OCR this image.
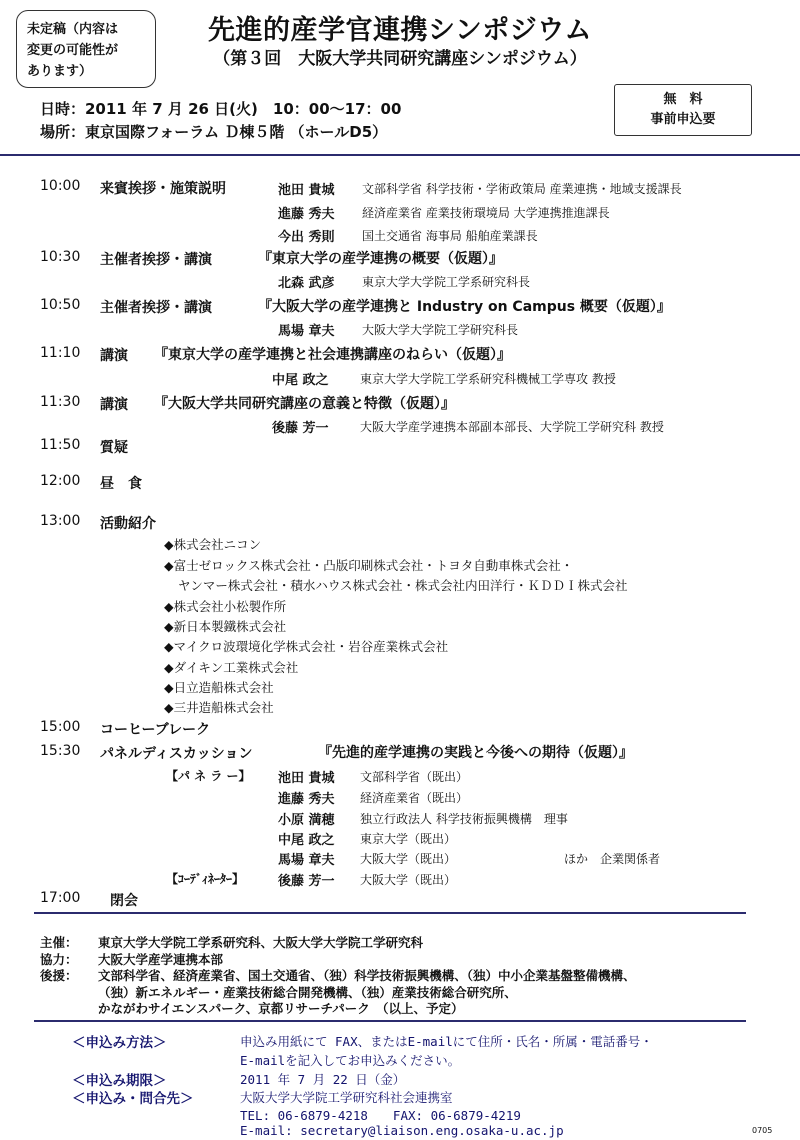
未定稿（内容は
変更の可能性が
あります）
先進的産学官連携シンポジウム
（第３回　大阪大学共同研究講座シンポジウム）
日時：2011 年 7 月 26 日(火)　10：00～17：00
場所：東京国際フォーラム Ｄ棟５階 （ホールD5）
無　料
事前申込要
10:00 来賓挨拶・施策説明	池田 貴城 文部科学省 科学技術・学術政策局 産業連携・地域支援課長
進藤 秀夫 経済産業省 産業技術環境局 大学連携推進課長
今出 秀則 国土交通省 海事局 船舶産業課長
10:30 主催者挨拶・講演	『東京大学の産学連携の概要（仮題）』
北森 武彦 東京大学大学院工学系研究科長
10:50 主催者挨拶・講演	『大阪大学の産学連携と Industry on Campus 概要（仮題）』
馬場 章夫 大阪大学大学院工学研究科長
11:10 講演 『東京大学の産学連携と社会連携講座のねらい（仮題）』
中尾 政之	東京大学大学院工学系研究科機械工学専攻 教授
11:30 講演 『大阪大学共同研究講座の意義と特徴（仮題）』
後藤 芳一	大阪大学産学連携本部副本部長、大学院工学研究科 教授
11:50 質疑
12:00 昼　食
13:00 活動紹介
◆株式会社ニコン
◆富士ゼロックス株式会社・凸版印刷株式会社・トヨタ自動車株式会社・
ヤンマー株式会社・積水ハウス株式会社・株式会社内田洋行・ＫＤＤＩ株式会社
◆株式会社小松製作所
◆新日本製鐵株式会社
◆マイクロ波環境化学株式会社・岩谷産業株式会社
◆ダイキン工業株式会社
◆日立造船株式会社
◆三井造船株式会社
15:00 コーヒーブレーク
15:30 パネルディスカッション	『先進的産学連携の実践と今後への期待（仮題）』
【パ ネ ラ ー】 池田 貴城 文部科学省（既出）
進藤 秀夫 経済産業省（既出）
小原 満穂 独立行政法人 科学技術振興機構　理事
中尾 政之 東京大学（既出）
馬場 章夫 大阪大学（既出）	ほか　企業関係者
【ｺｰﾃﾞｨﾈｰﾀｰ】	後藤 芳一 大阪大学（既出）
17:00 閉会
主催： 東京大学大学院工学系研究科、大阪大学大学院工学研究科
協力： 大阪大学産学連携本部
後援： 文部科学省、経済産業省、国土交通省、（独）科学技術振興機構、（独）中小企業基盤整備機構、
（独）新エネルギー・産業技術総合開発機構、（独）産業技術総合研究所、
かながわサイエンスパーク、京都リサーチパーク　（以上、予定）
＜申込み方法＞	申込み用紙にて FAX、またはE-mailにて住所・氏名・所属・電話番号・
E-mailを記入してお申込みください。
＜申込み期限＞	2011 年 7 月 22 日（金）
＜申込み・問合先＞	大阪大学大学院工学研究科社会連携室
TEL: 06-6879-4218　　FAX: 06-6879-4219
E-mail: secretary@liaison.eng.osaka-u.ac.jp	0705
